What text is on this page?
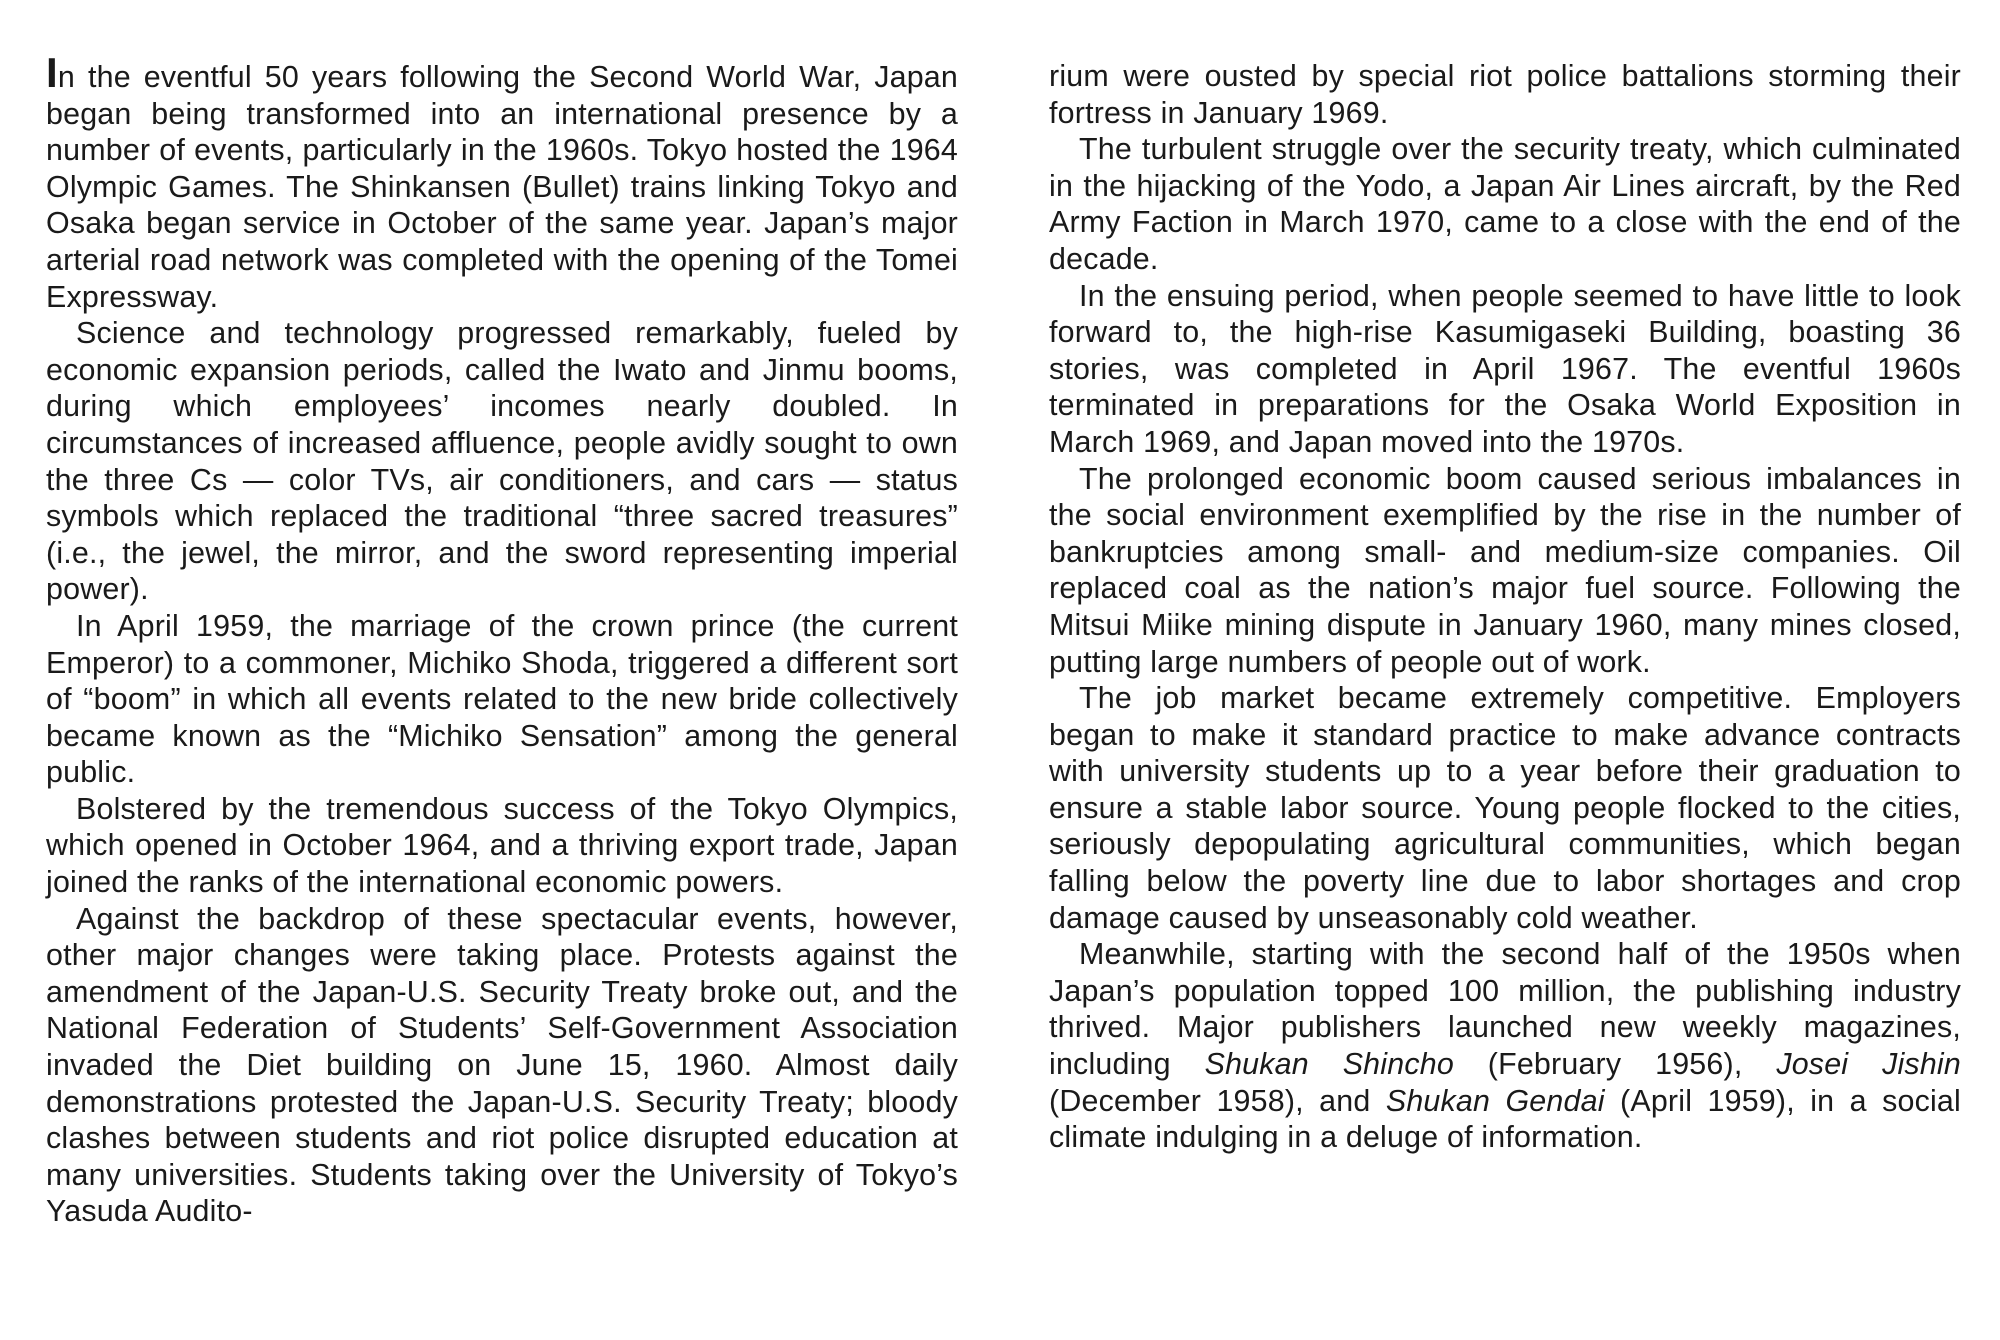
In the eventful 50 years following the Second World War, Japan began being transformed into an international presence by a number of events, particularly in the 1960s. Tokyo hosted the 1964 Olympic Games. The Shinkansen (Bullet) trains linking Tokyo and Osaka began service in October of the same year. Japan’s major arterial road network was completed with the opening of the Tomei Expressway.

Science and technology progressed remarkably, fueled by economic expansion periods, called the Iwato and Jinmu booms, during which employees’ incomes nearly doubled. In circumstances of increased affluence, people avidly sought to own the three Cs — color TVs, air conditioners, and cars — status symbols which replaced the traditional “three sacred treasures” (i.e., the jewel, the mirror, and the sword representing imperial power).

In April 1959, the marriage of the crown prince (the current Emperor) to a commoner, Michiko Shoda, triggered a different sort of “boom” in which all events related to the new bride collectively became known as the “Michiko Sensation” among the general public.

Bolstered by the tremendous success of the Tokyo Olympics, which opened in October 1964, and a thriving export trade, Japan joined the ranks of the international economic powers.

Against the backdrop of these spectacular events, however, other major changes were taking place. Protests against the amendment of the Japan-U.S. Security Treaty broke out, and the National Federation of Students’ Self-Government Association invaded the Diet building on June 15, 1960. Almost daily demonstrations protested the Japan-U.S. Security Treaty; bloody clashes between students and riot police disrupted education at many universities. Students taking over the University of Tokyo’s Yasuda Audito-

rium were ousted by special riot police battalions storming their fortress in January 1969.

The turbulent struggle over the security treaty, which culminated in the hijacking of the Yodo, a Japan Air Lines aircraft, by the Red Army Faction in March 1970, came to a close with the end of the decade.

In the ensuing period, when people seemed to have little to look forward to, the high-rise Kasumigaseki Building, boasting 36 stories, was completed in April 1967. The eventful 1960s terminated in preparations for the Osaka World Exposition in March 1969, and Japan moved into the 1970s.

The prolonged economic boom caused serious imbalances in the social environment exemplified by the rise in the number of bankruptcies among small- and medium-size companies. Oil replaced coal as the nation’s major fuel source. Following the Mitsui Miike mining dispute in January 1960, many mines closed, putting large numbers of people out of work.

The job market became extremely competitive. Employers began to make it standard practice to make advance contracts with university students up to a year before their graduation to ensure a stable labor source. Young people flocked to the cities, seriously depopulating agricultural communities, which began falling below the poverty line due to labor shortages and crop damage caused by unseasonably cold weather.

Meanwhile, starting with the second half of the 1950s when Japan’s population topped 100 million, the publishing industry thrived. Major publishers launched new weekly magazines, including Shukan Shincho (February 1956), Josei Jishin (December 1958), and Shukan Gendai (April 1959), in a social climate indulging in a deluge of information.
